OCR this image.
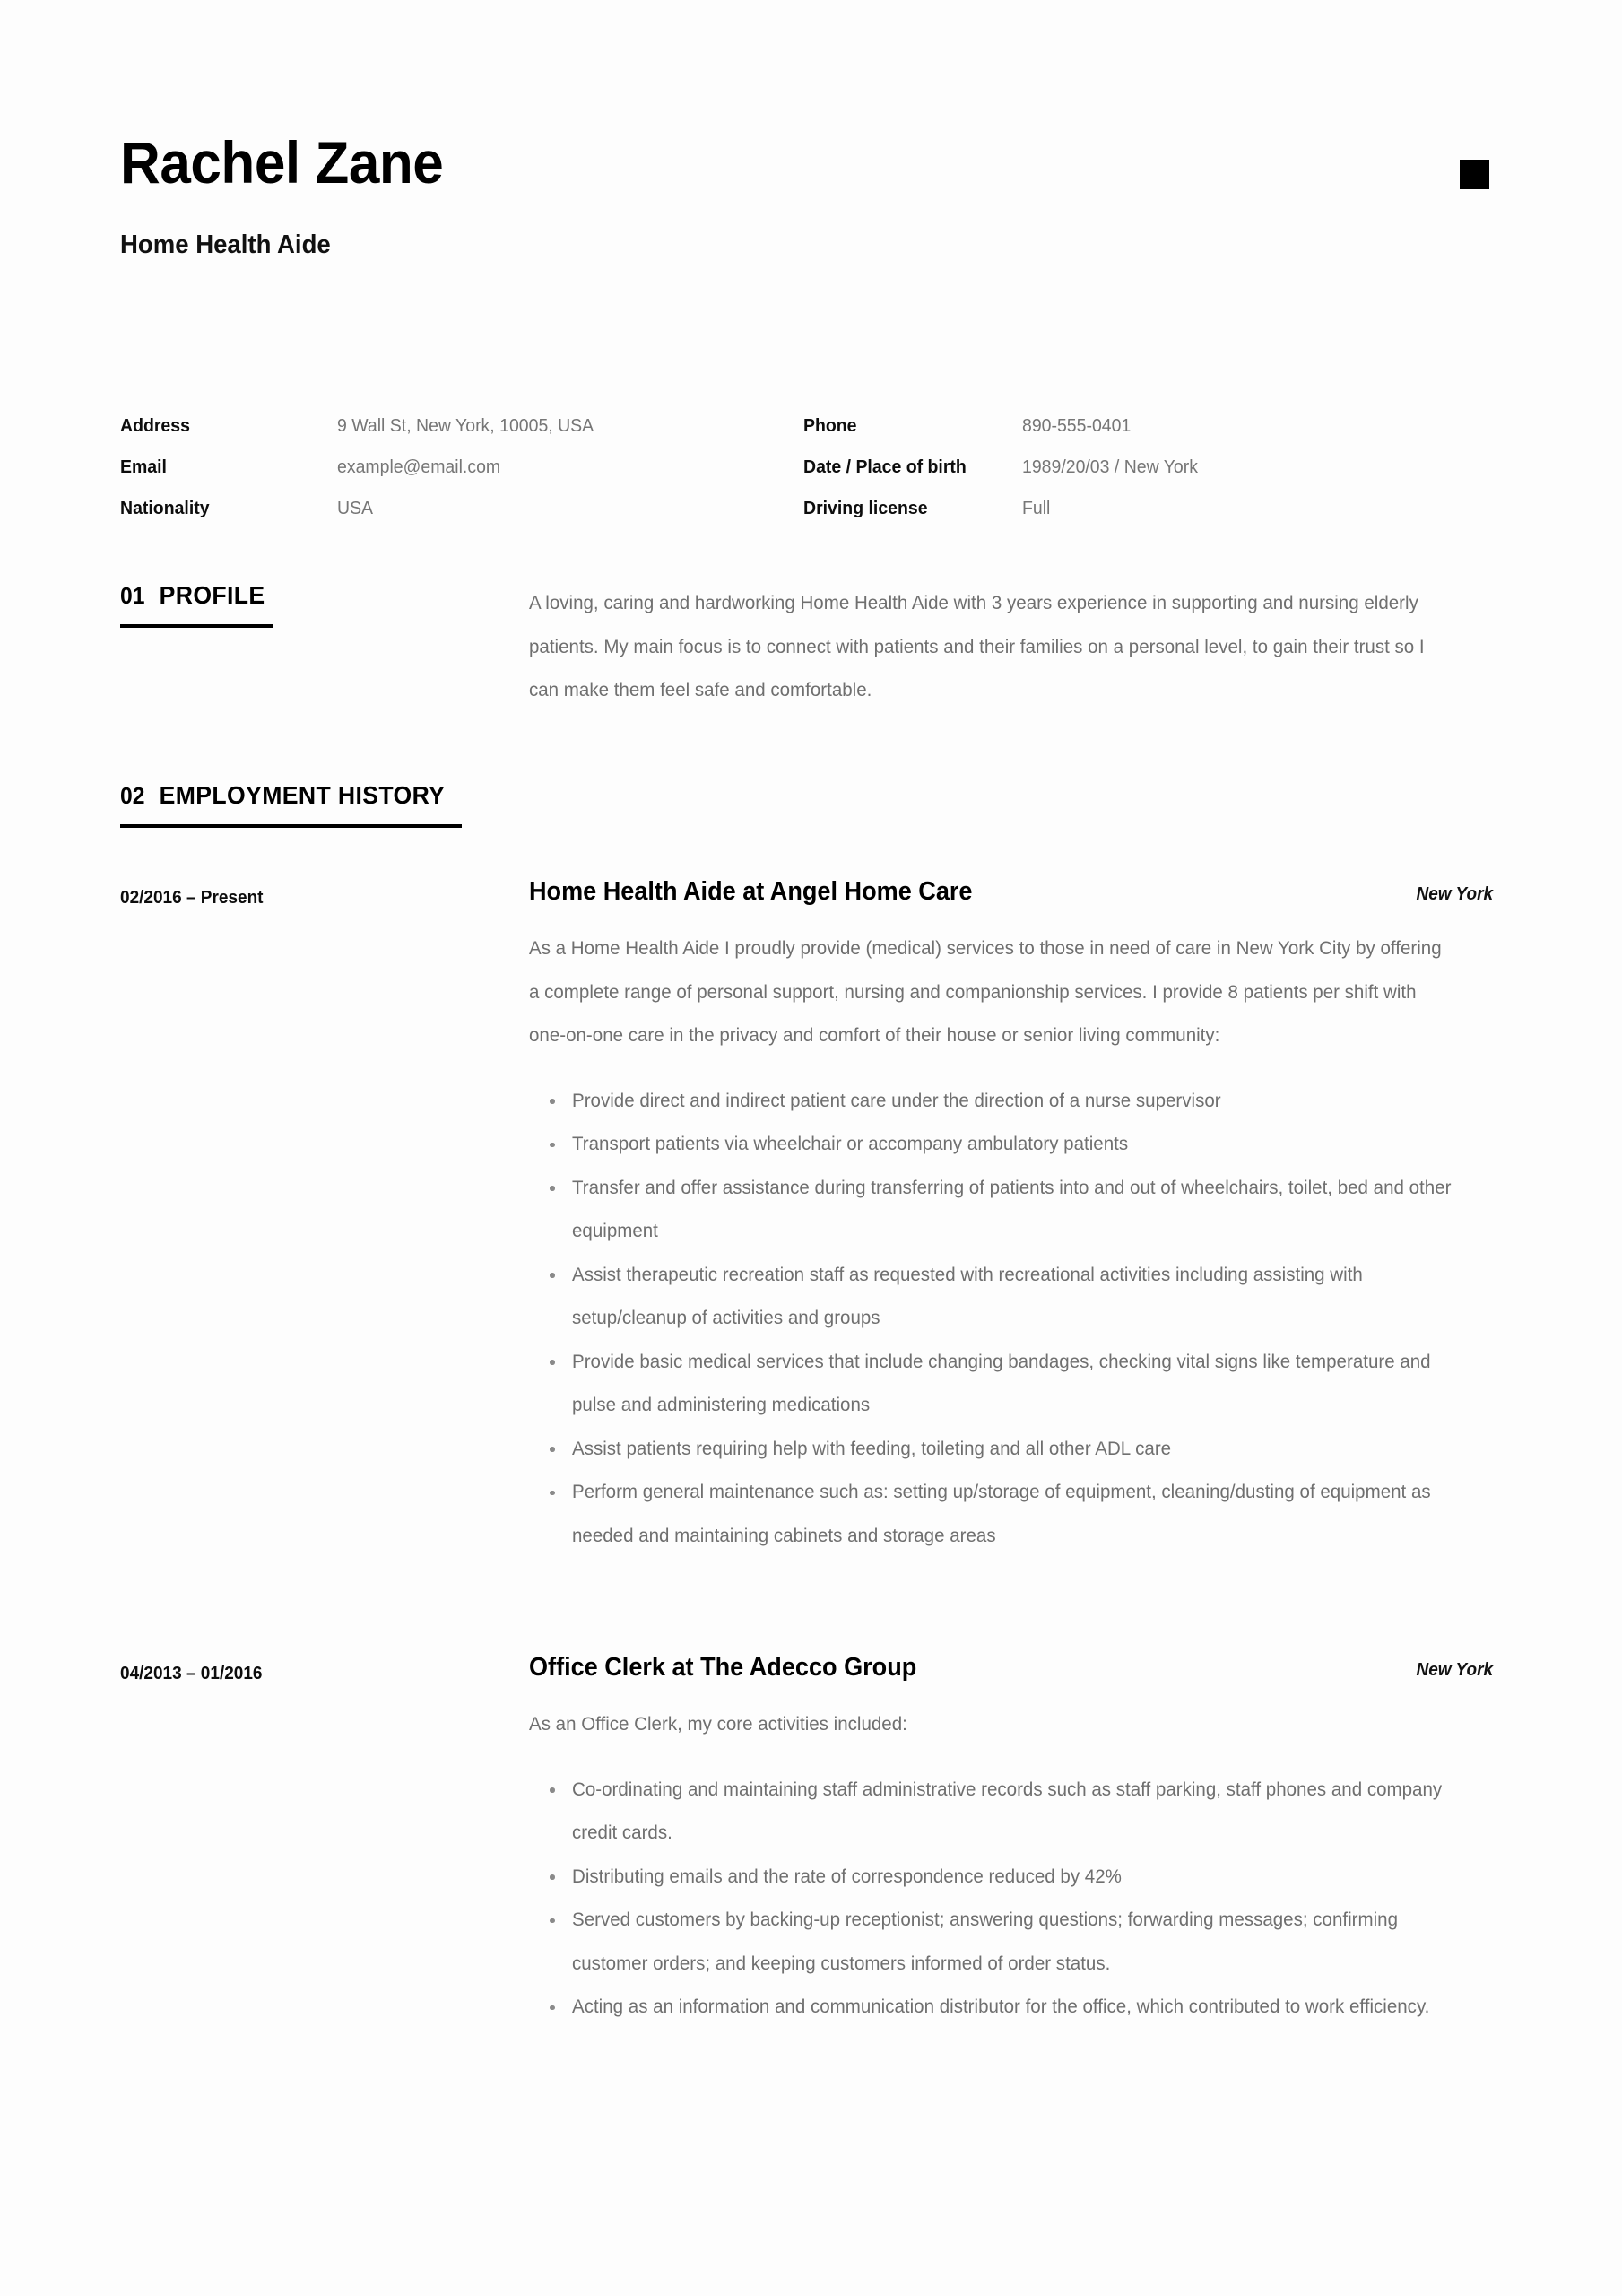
Rachel Zane
Home Health Aide
Address	9 Wall St, New York, 10005, USA	Phone	890-555-0401
Email	example@email.com	Date / Place of birth	1989/20/03 / New York
Nationality	USA	Driving license	Full
01 PROFILE	A loving, caring and hardworking Home Health Aide with 3 years experience in supporting and nursing elderly patients. My main focus is to connect with patients and their families on a personal level, to gain their trust so I can make them feel safe and comfortable.

02 EMPLOYMENT HISTORY
02/2016 – Present	Home Health Aide at Angel Home Care	New York

As a Home Health Aide I proudly provide (medical) services to those in need of care in New York City by offering a complete range of personal support, nursing and companionship services. I provide 8 patients per shift with one-on-one care in the privacy and comfort of their house or senior living community:

Provide direct and indirect patient care under the direction of a nurse supervisor
Transport patients via wheelchair or accompany ambulatory patients
Transfer and offer assistance during transferring of patients into and out of wheelchairs, toilet, bed and other equipment
Assist therapeutic recreation staff as requested with recreational activities including assisting with setup/cleanup of activities and groups
Provide basic medical services that include changing bandages, checking vital signs like temperature and pulse and administering medications
Assist patients requiring help with feeding, toileting and all other ADL care
Perform general maintenance such as: setting up/storage of equipment, cleaning/dusting of equipment as needed and maintaining cabinets and storage areas
04/2013 – 01/2016	Office Clerk at The Adecco Group	New York

As an Office Clerk, my core activities included:

Co-ordinating and maintaining staff administrative records such as staff parking, staff phones and company credit cards.
Distributing emails and the rate of correspondence reduced by 42%
Served customers by backing-up receptionist; answering questions; forwarding messages; confirming customer orders; and keeping customers informed of order status.
Acting as an information and communication distributor for the office, which contributed to work efficiency.
